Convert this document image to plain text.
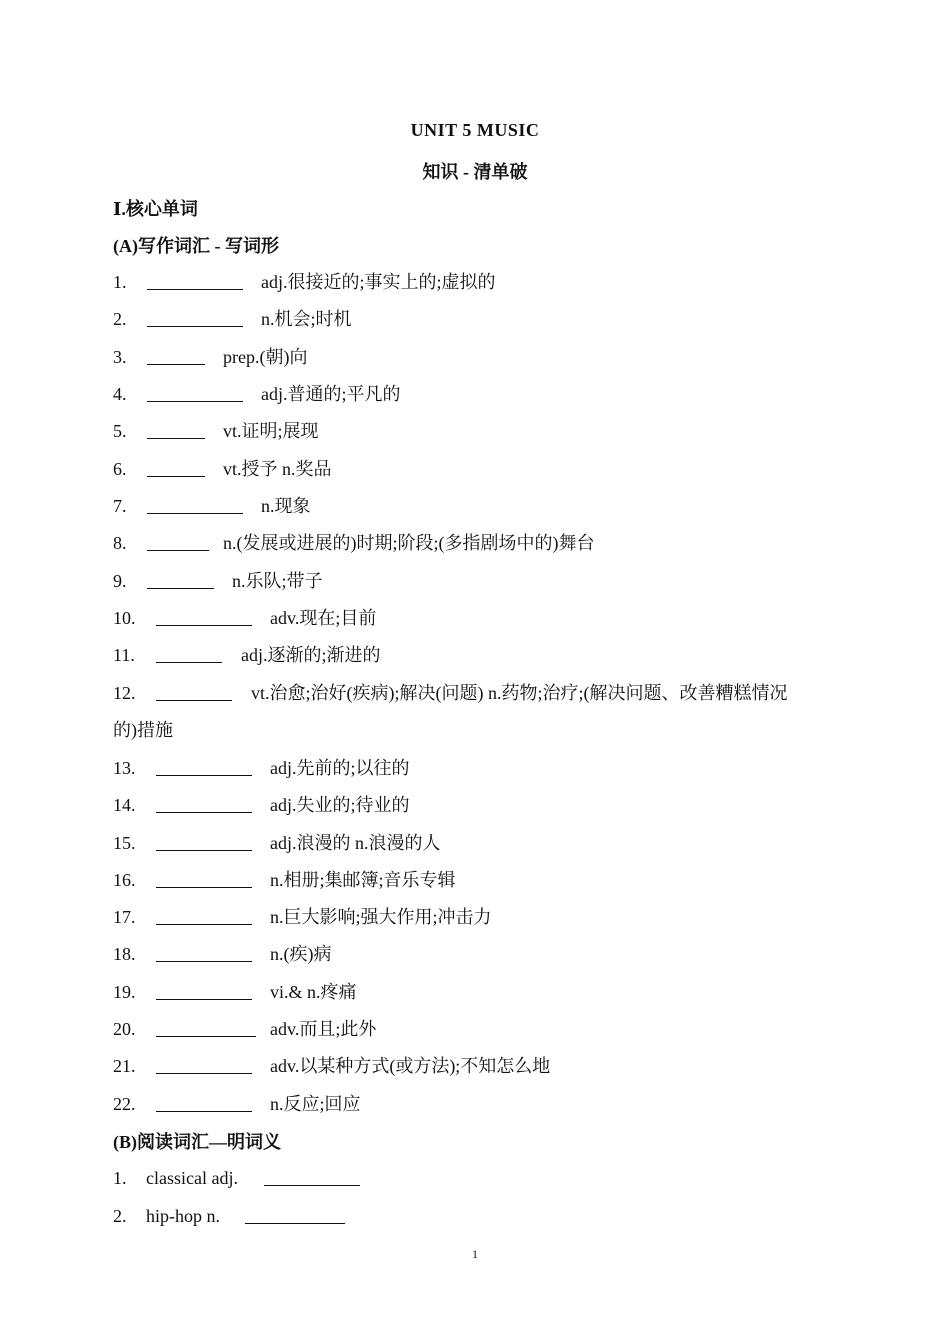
UNIT 5 MUSIC
知识 - 清单破
Ⅰ.核心单词
(A)写作词汇 - 写词形
1.	adj.很接近的;事实上的;虚拟的
2.	n.机会;时机
3.	prep.(朝)向
4.	adj.普通的;平凡的
5.	vt.证明;展现
6.	vt.授予 n.奖品
7.	n.现象
8.	n.(发展或进展的)时期;阶段;(多指剧场中的)舞台
9.	n.乐队;带子
10.	adv.现在;目前
11.	adj.逐渐的;渐进的
12.	vt.治愈;治好(疾病);解决(问题) n.药物;治疗;(解决问题、改善糟糕情况
的)措施
13.	adj.先前的;以往的
14.	adj.失业的;待业的
15.	adj.浪漫的 n.浪漫的人
16.	n.相册;集邮簿;音乐专辑
17.	n.巨大影响;强大作用;冲击力
18.	n.(疾)病
19.	vi.& n.疼痛
20.	adv.而且;此外
21.	adv.以某种方式(或方法);不知怎么地
22.	n.反应;回应
(B)阅读词汇—明词义
1. classical adj.
2. hip-hop n.
1
